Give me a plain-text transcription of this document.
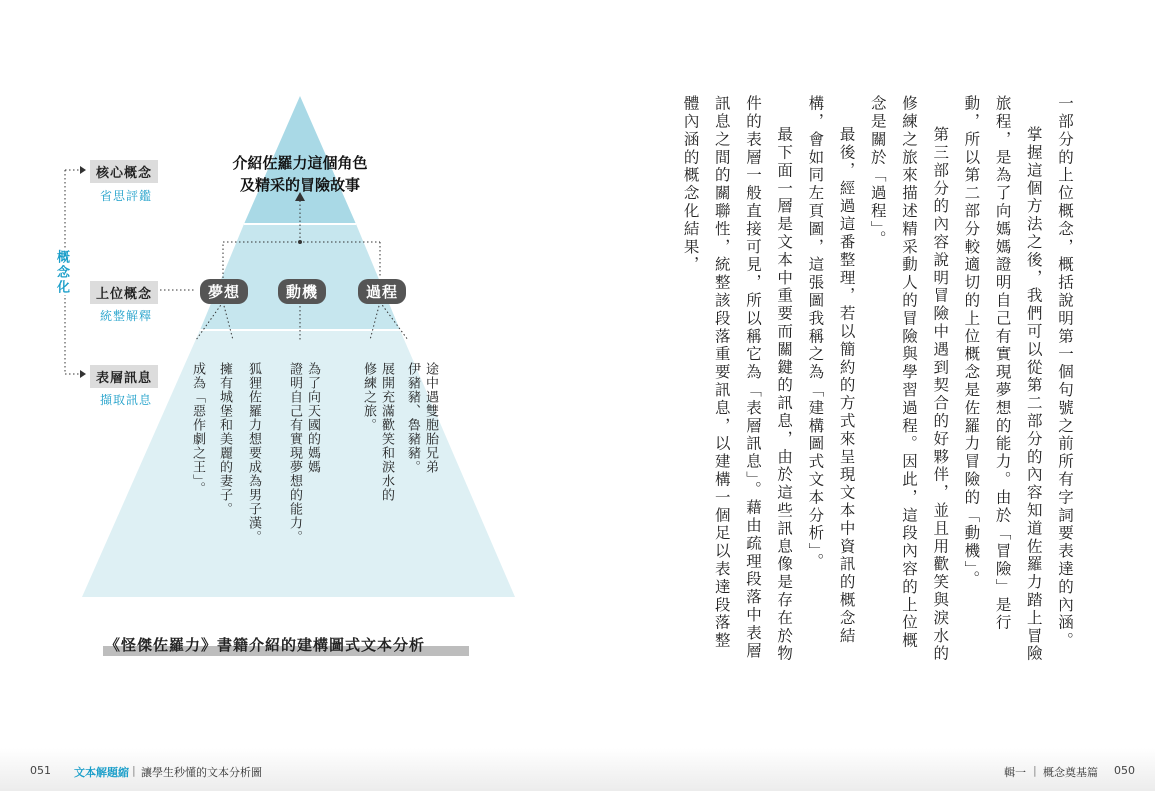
核心概念
省思評鑑
上位概念
統整解釋
表層訊息
擷取訊息
概念化
介紹佐羅力這個角色
及精采的冒險故事
夢想	動機	過程
途中遇雙胞胎兄弟
伊豬豬、魯豬豬。
展開充滿歡笑和淚水的
修練之旅。
為了向天國的媽媽
證明自己有實現夢想的能力。
狐狸佐羅力想要成為男子漢。
擁有城堡和美麗的妻子。
成為「惡作劇之王」。
《怪傑佐羅力》書籍介紹的建構圖式文本分析	一部分的上位概念，概括說明第一個句號之前所有字詞要表達的內涵。

掌握這個方法之後，我們可以從第二部分的內容知道佐羅力踏上冒險旅程，是為了向媽媽證明自己有實現夢想的能力。由於「冒險」是行動，所以第二部分較適切的上位概念是佐羅力冒險的「動機」。

第三部分的內容說明冒險中遇到契合的好夥伴，並且用歡笑與淚水的修練之旅來描述精采動人的冒險與學習過程。因此，這段內容的上位概念是關於「過程」。

最後，經過這番整理，若以簡約的方式來呈現文本中資訊的概念結構，會如同左頁圖，這張圖我稱之為「建構圖式文本分析」。

最下面一層是文本中重要而關鍵的訊息，由於這些訊息像是存在於物件的表層一般直接可見，所以稱它為「表層訊息」。藉由疏理段落中表層訊息之間的關聯性，統整該段落重要訊息，以建構一個足以表達段落整體內涵的概念化結果，

051 文本解題縮 | 讓學生秒懂的文本分析圖	輯一 | 概念奠基篇 050
